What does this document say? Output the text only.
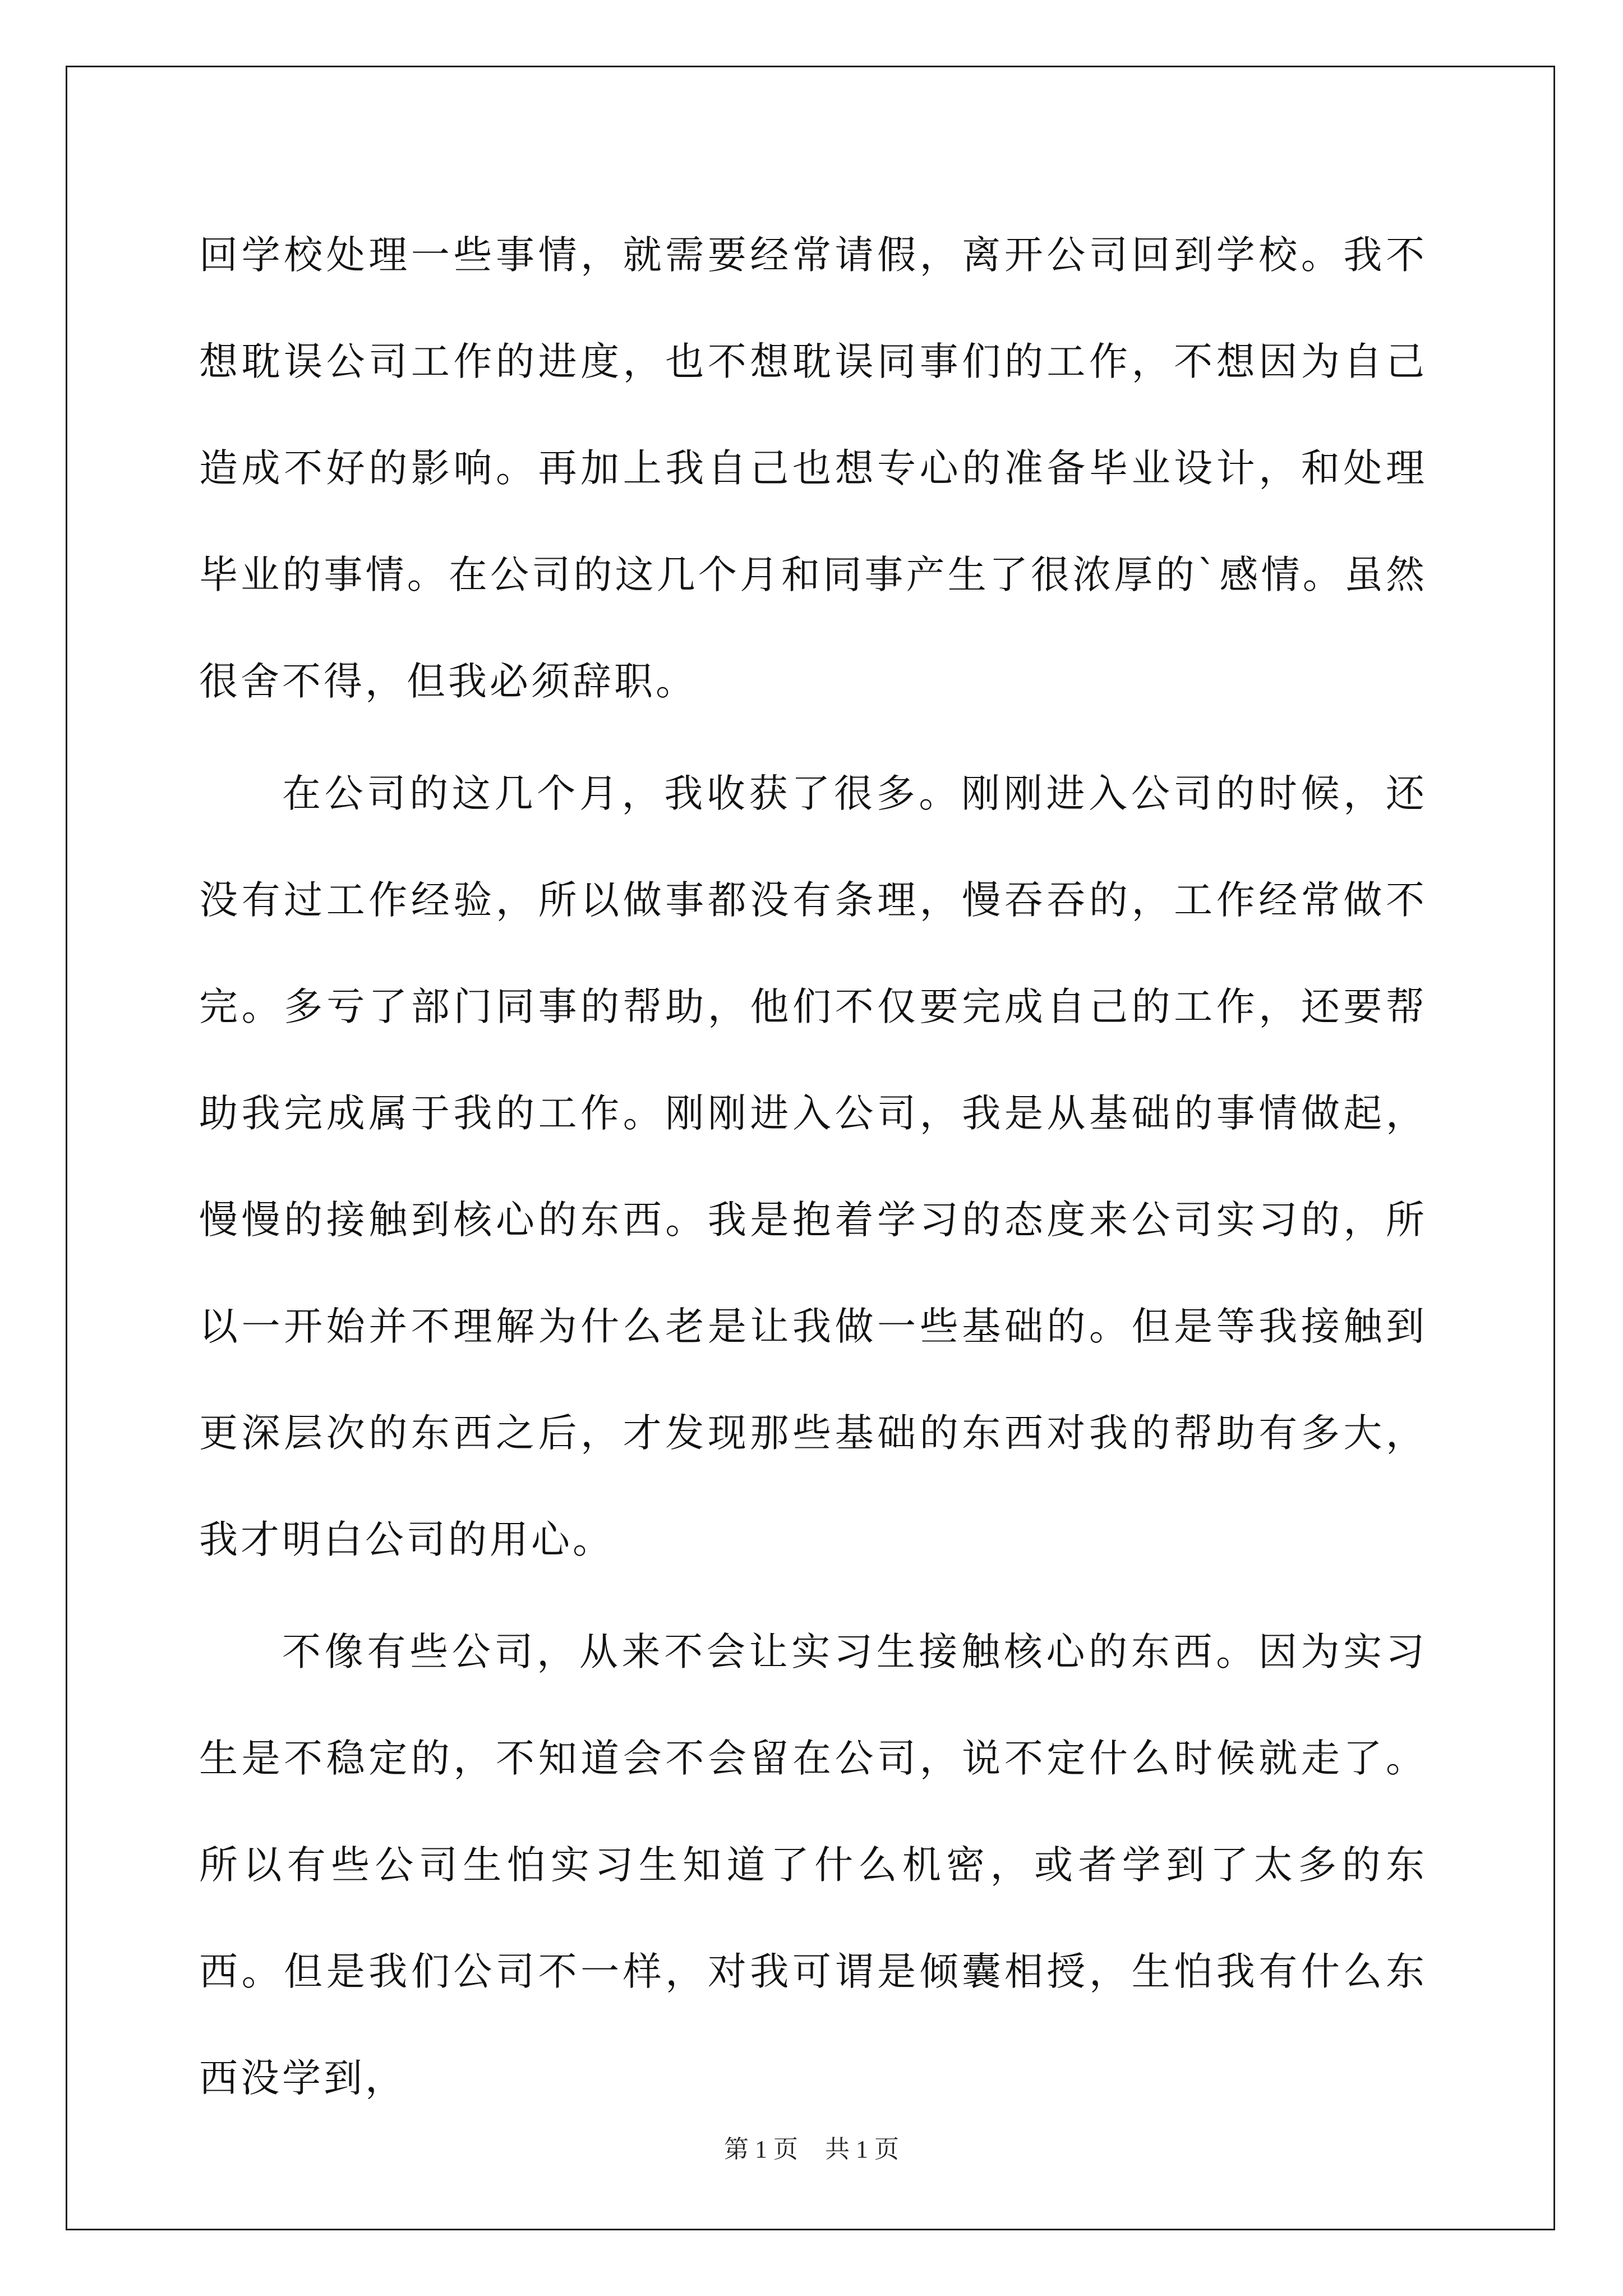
回学校处理一些事情，就需要经常请假，离开公司回到学校。我不想耽误公司工作的进度，也不想耽误同事们的工作，不想因为自己造成不好的影响。再加上我自己也想专心的准备毕业设计，和处理毕业的事情。在公司的这几个月和同事产生了很浓厚的`感情。虽然很舍不得，但我必须辞职。

在公司的这几个月，我收获了很多。刚刚进入公司的时候，还没有过工作经验，所以做事都没有条理，慢吞吞的，工作经常做不完。多亏了部门同事的帮助，他们不仅要完成自己的工作，还要帮助我完成属于我的工作。刚刚进入公司，我是从基础的事情做起，慢慢的接触到核心的东西。我是抱着学习的态度来公司实习的，所以一开始并不理解为什么老是让我做一些基础的。但是等我接触到更深层次的东西之后，才发现那些基础的东西对我的帮助有多大，我才明白公司的用心。

不像有些公司，从来不会让实习生接触核心的东西。因为实习生是不稳定的，不知道会不会留在公司，说不定什么时候就走了。所以有些公司生怕实习生知道了什么机密，或者学到了太多的东西。但是我们公司不一样，对我可谓是倾囊相授，生怕我有什么东西没学到，

第 1 页 共 1 页
